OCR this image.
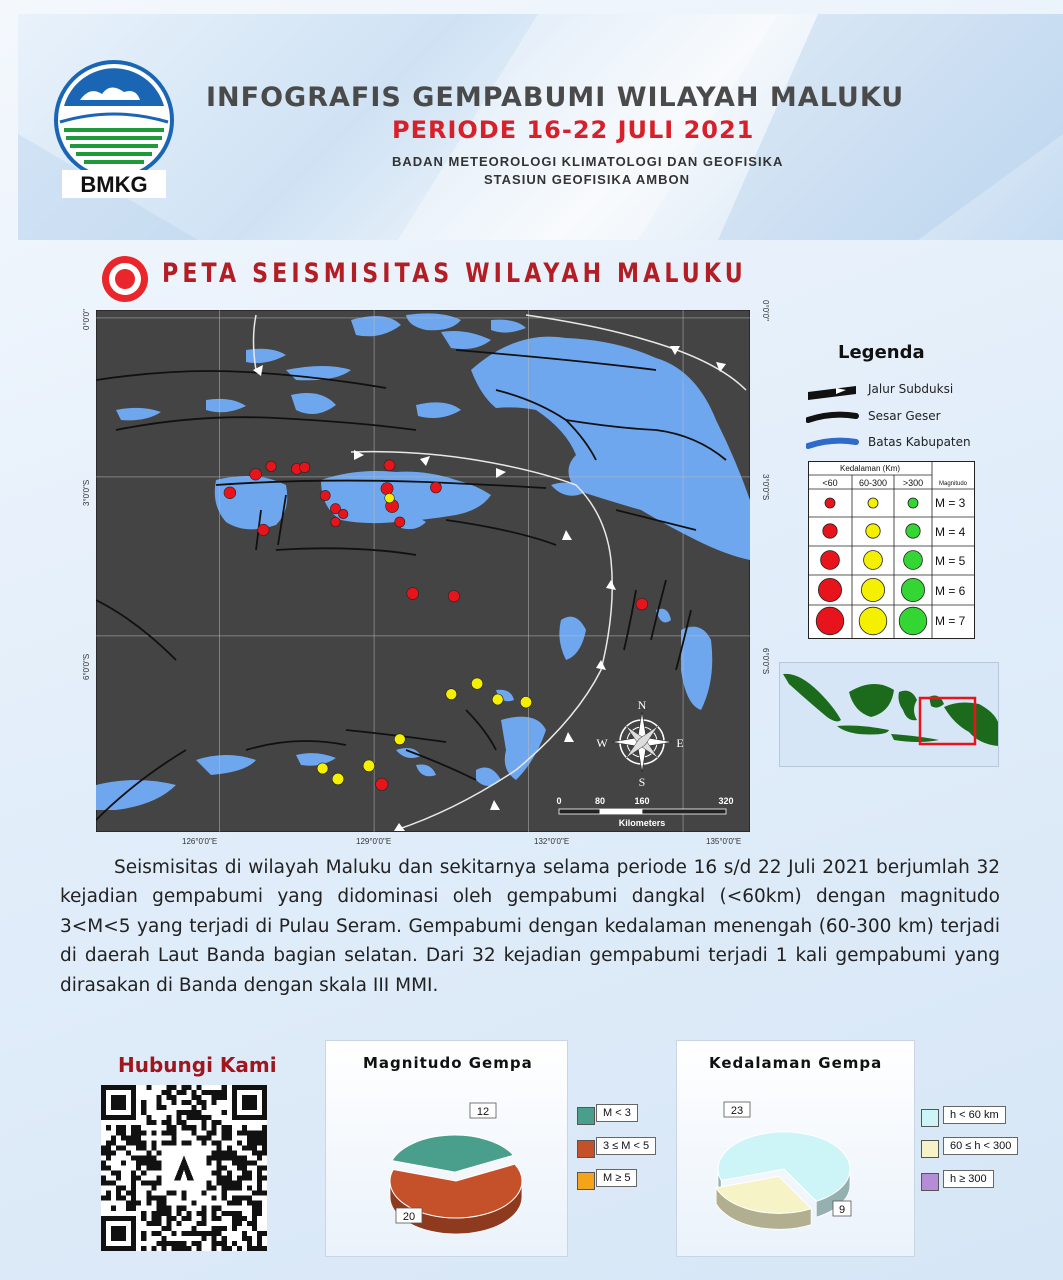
BMKG
INFOGRAFIS GEMPABUMI WILAYAH MALUKU
PERIODE 16-22 JULI 2021
BADAN METEOROLOGI KLIMATOLOGI DAN GEOFISIKA
STASIUN GEOFISIKA AMBON
PETA SEISMISITAS WILAYAH MALUKU
N
S
E
W
0	80	160	320
Kilometers
0°0'0"
3°0'0"S
6°0'0"S
0°0'0"
3°0'0"S
6°0'0"S
126°0'0"E	129°0'0"E	132°0'0"E	135°0'0"E
Legenda
Jalur Subduksi
Sesar Geser
Batas Kabupaten
Kedalaman (Km)
Magnitudo
<60 60-300 >300
M = 3
M = 4
M = 5
M = 6
M = 7

Seismisitas di wilayah Maluku dan sekitarnya selama periode 16 s/d 22 Juli 2021 berjumlah 32 kejadian gempabumi yang didominasi oleh gempabumi dangkal (<60km) dengan magnitudo 3<M<5 yang terjadi di Pulau Seram. Gempabumi dengan kedalaman menengah (60-300 km) terjadi di daerah Laut Banda bagian selatan. Dari 32 kejadian gempabumi terjadi 1 kali gempabumi yang dirasakan di Banda dengan skala III MMI.

Hubungi Kami	Magnitudo Gempa
12
20
M < 3
3 ≤ M < 5
M ≥ 5
Kedalaman Gempa
23
9
h < 60 km
60 ≤ h < 300
h ≥ 300
